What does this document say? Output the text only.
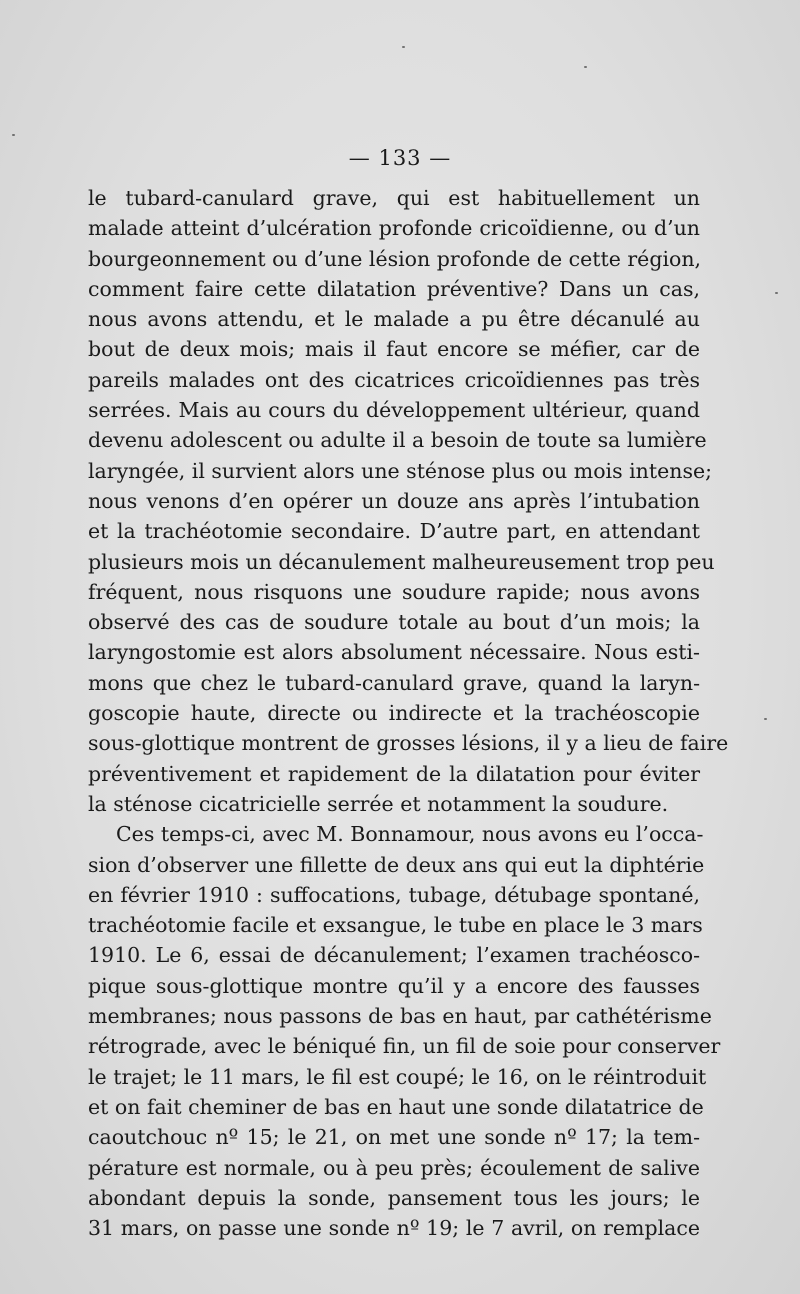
— 133 —
le tubard-canulard grave, qui est habituellement un
malade atteint d’ulcération profonde cricoïdienne, ou d’un
bourgeonnement ou d’une lésion profonde de cette région,
comment faire cette dilatation préventive? Dans un cas,
nous avons attendu, et le malade a pu être décanulé au
bout de deux mois; mais il faut encore se méfier, car de
pareils malades ont des cicatrices cricoïdiennes pas très
serrées. Mais au cours du développement ultérieur, quand
devenu adolescent ou adulte il a besoin de toute sa lumière
laryngée, il survient alors une sténose plus ou mois intense;
nous venons d’en opérer un douze ans après l’intubation
et la trachéotomie secondaire. D’autre part, en attendant
plusieurs mois un décanulement malheureusement trop peu
fréquent, nous risquons une soudure rapide; nous avons
observé des cas de soudure totale au bout d’un mois; la
laryngostomie est alors absolument nécessaire. Nous esti-
mons que chez le tubard-canulard grave, quand la laryn-
goscopie haute, directe ou indirecte et la trachéoscopie
sous-glottique montrent de grosses lésions, il y a lieu de faire
préventivement et rapidement de la dilatation pour éviter
la sténose cicatricielle serrée et notamment la soudure.
Ces temps-ci, avec M. Bonnamour, nous avons eu l’occa-
sion d’observer une fillette de deux ans qui eut la diphtérie
en février 1910 : suffocations, tubage, détubage spontané,
trachéotomie facile et exsangue, le tube en place le 3 mars
1910. Le 6, essai de décanulement; l’examen trachéosco-
pique sous-glottique montre qu’il y a encore des fausses
membranes; nous passons de bas en haut, par cathétérisme
rétrograde, avec le béniqué fin, un fil de soie pour conserver
le trajet; le 11 mars, le fil est coupé; le 16, on le réintroduit
et on fait cheminer de bas en haut une sonde dilatatrice de
caoutchouc nº 15; le 21, on met une sonde nº 17; la tem-
pérature est normale, ou à peu près; écoulement de salive
abondant depuis la sonde, pansement tous les jours; le
31 mars, on passe une sonde nº 19; le 7 avril, on remplace
